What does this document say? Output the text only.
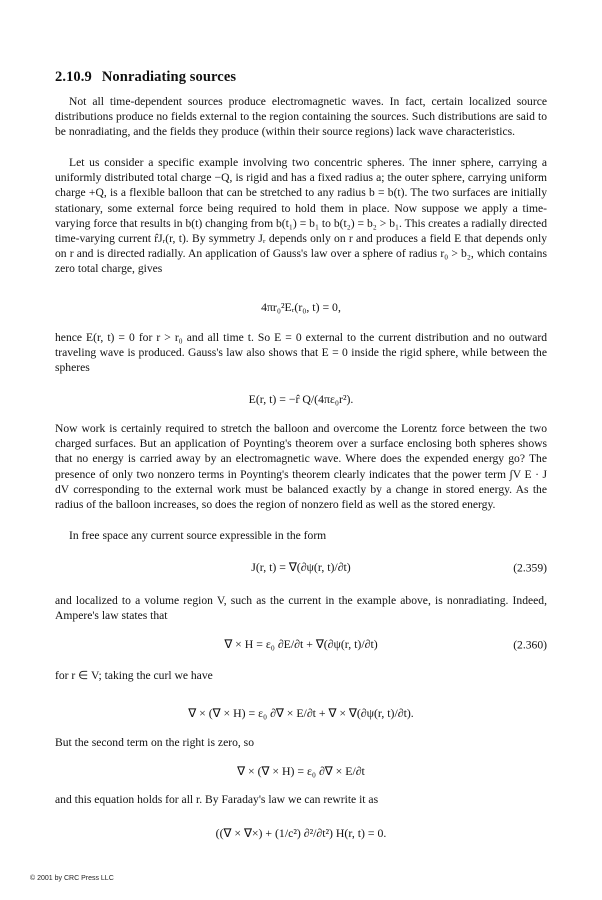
2.10.9 Nonradiating sources

Not all time-dependent sources produce electromagnetic waves. In fact, certain localized source distributions produce no fields external to the region containing the sources. Such distributions are said to be nonradiating, and the fields they produce (within their source regions) lack wave characteristics.

Let us consider a specific example involving two concentric spheres. The inner sphere, carrying a uniformly distributed total charge −Q, is rigid and has a fixed radius a; the outer sphere, carrying uniform charge +Q, is a flexible balloon that can be stretched to any radius b = b(t). The two surfaces are initially stationary, some external force being required to hold them in place. Now suppose we apply a time-varying force that results in b(t) changing from b(t₁) = b₁ to b(t₂) = b₂ > b₁. This creates a radially directed time-varying current r̂Jᵣ(r, t). By symmetry Jᵣ depends only on r and produces a field E that depends only on r and is directed radially. An application of Gauss's law over a sphere of radius r₀ > b₂, which contains zero total charge, gives

4πr₀²Eᵣ(r₀, t) = 0,

hence E(r, t) = 0 for r > r₀ and all time t. So E = 0 external to the current distribution and no outward traveling wave is produced. Gauss's law also shows that E = 0 inside the rigid sphere, while between the spheres

E(r, t) = −r̂ Q/(4πε₀r²).

Now work is certainly required to stretch the balloon and overcome the Lorentz force between the two charged surfaces. But an application of Poynting's theorem over a surface enclosing both spheres shows that no energy is carried away by an electromagnetic wave. Where does the expended energy go? The presence of only two nonzero terms in Poynting's theorem clearly indicates that the power term ∫V E · J dV corresponding to the external work must be balanced exactly by a change in stored energy. As the radius of the balloon increases, so does the region of nonzero field as well as the stored energy.

In free space any current source expressible in the form

J(r, t) = ∇(∂ψ(r, t)/∂t)	(2.359)

and localized to a volume region V, such as the current in the example above, is nonradiating. Indeed, Ampere's law states that

∇ × H = ε₀ ∂E/∂t + ∇(∂ψ(r, t)/∂t)	(2.360)

for r ∈ V; taking the curl we have

∇ × (∇ × H) = ε₀ ∂∇ × E/∂t + ∇ × ∇(∂ψ(r, t)/∂t).

But the second term on the right is zero, so

∇ × (∇ × H) = ε₀ ∂∇ × E/∂t

and this equation holds for all r. By Faraday's law we can rewrite it as

((∇ × ∇×) + (1/c²) ∂²/∂t²) H(r, t) = 0.
© 2001 by CRC Press LLC
